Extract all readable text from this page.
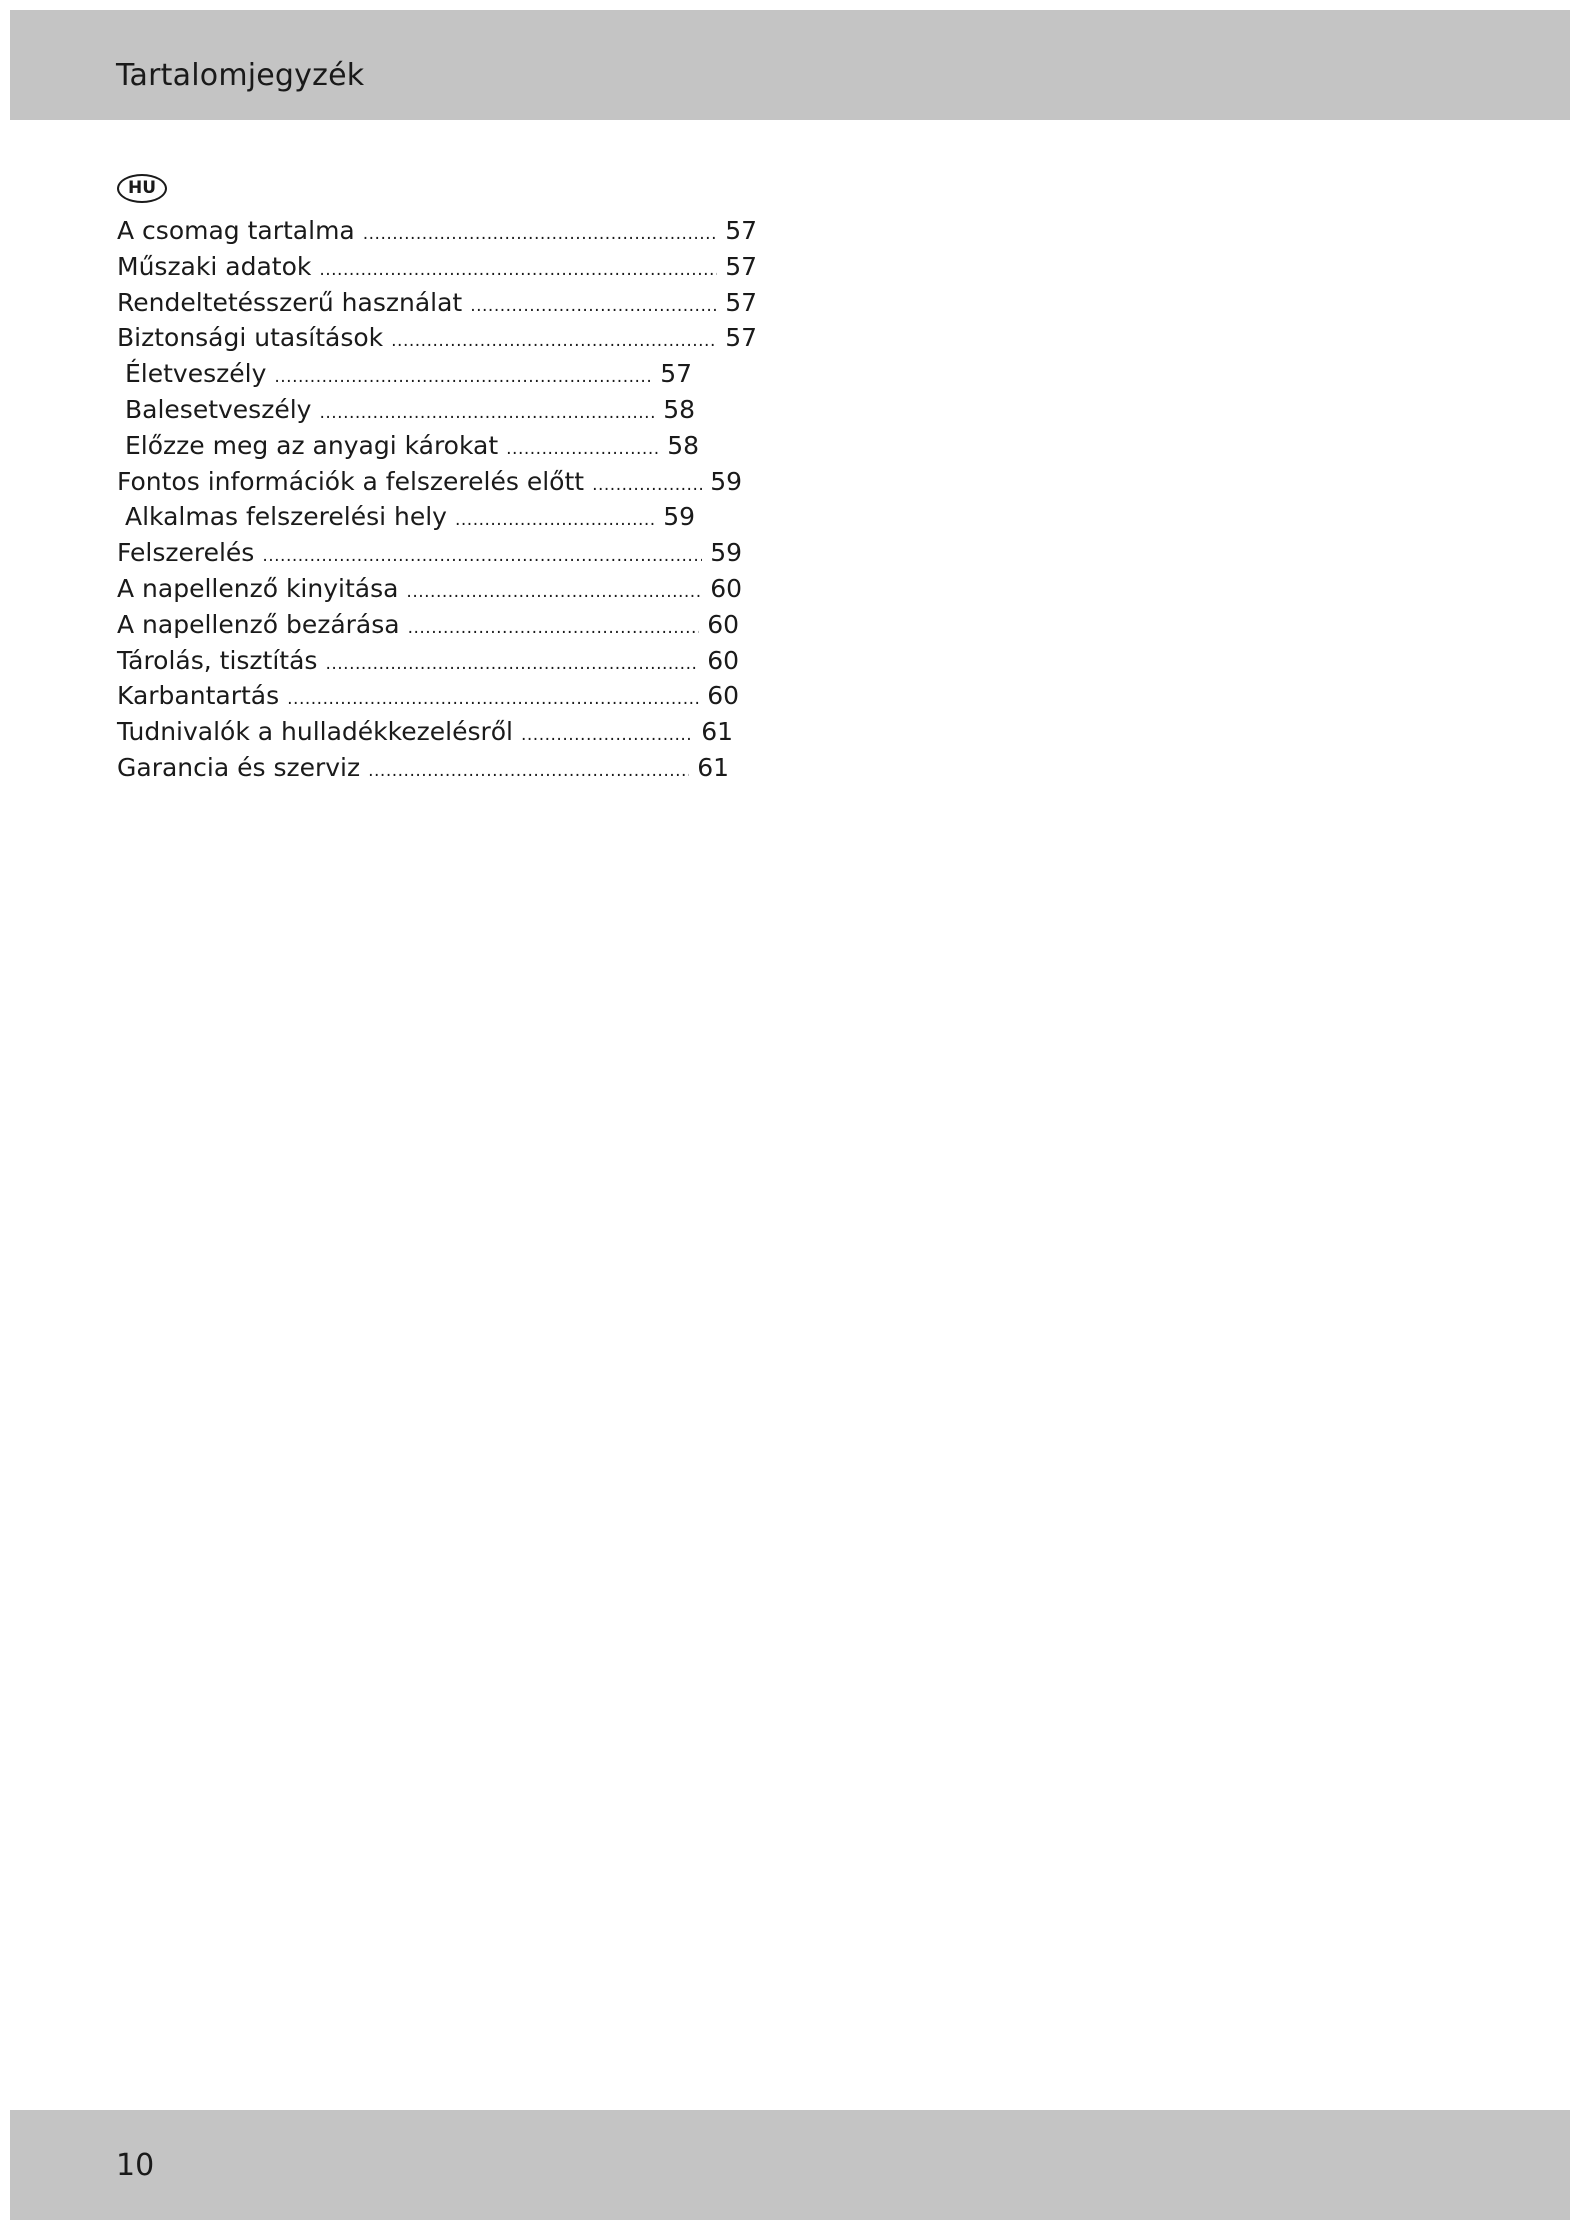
Tartalomjegyzék
HU
A csomag tartalma .....	57
Műszaki adatok .....	57
Rendeltetésszerű használat .....	57
Biztonsági utasítások .....	57
Életveszély .....	57
Balesetveszély .....	58
Előzze meg az anyagi károkat .....	58
Fontos információk a felszerelés előtt .....	59
Alkalmas felszerelési hely .....	59
Felszerelés .....	59
A napellenző kinyitása .....	60
A napellenző bezárása .....	60
Tárolás, tisztítás .....	60
Karbantartás .....	60
Tudnivalók a hulladékkezelésről .....	61
Garancia és szerviz .....	61
10
